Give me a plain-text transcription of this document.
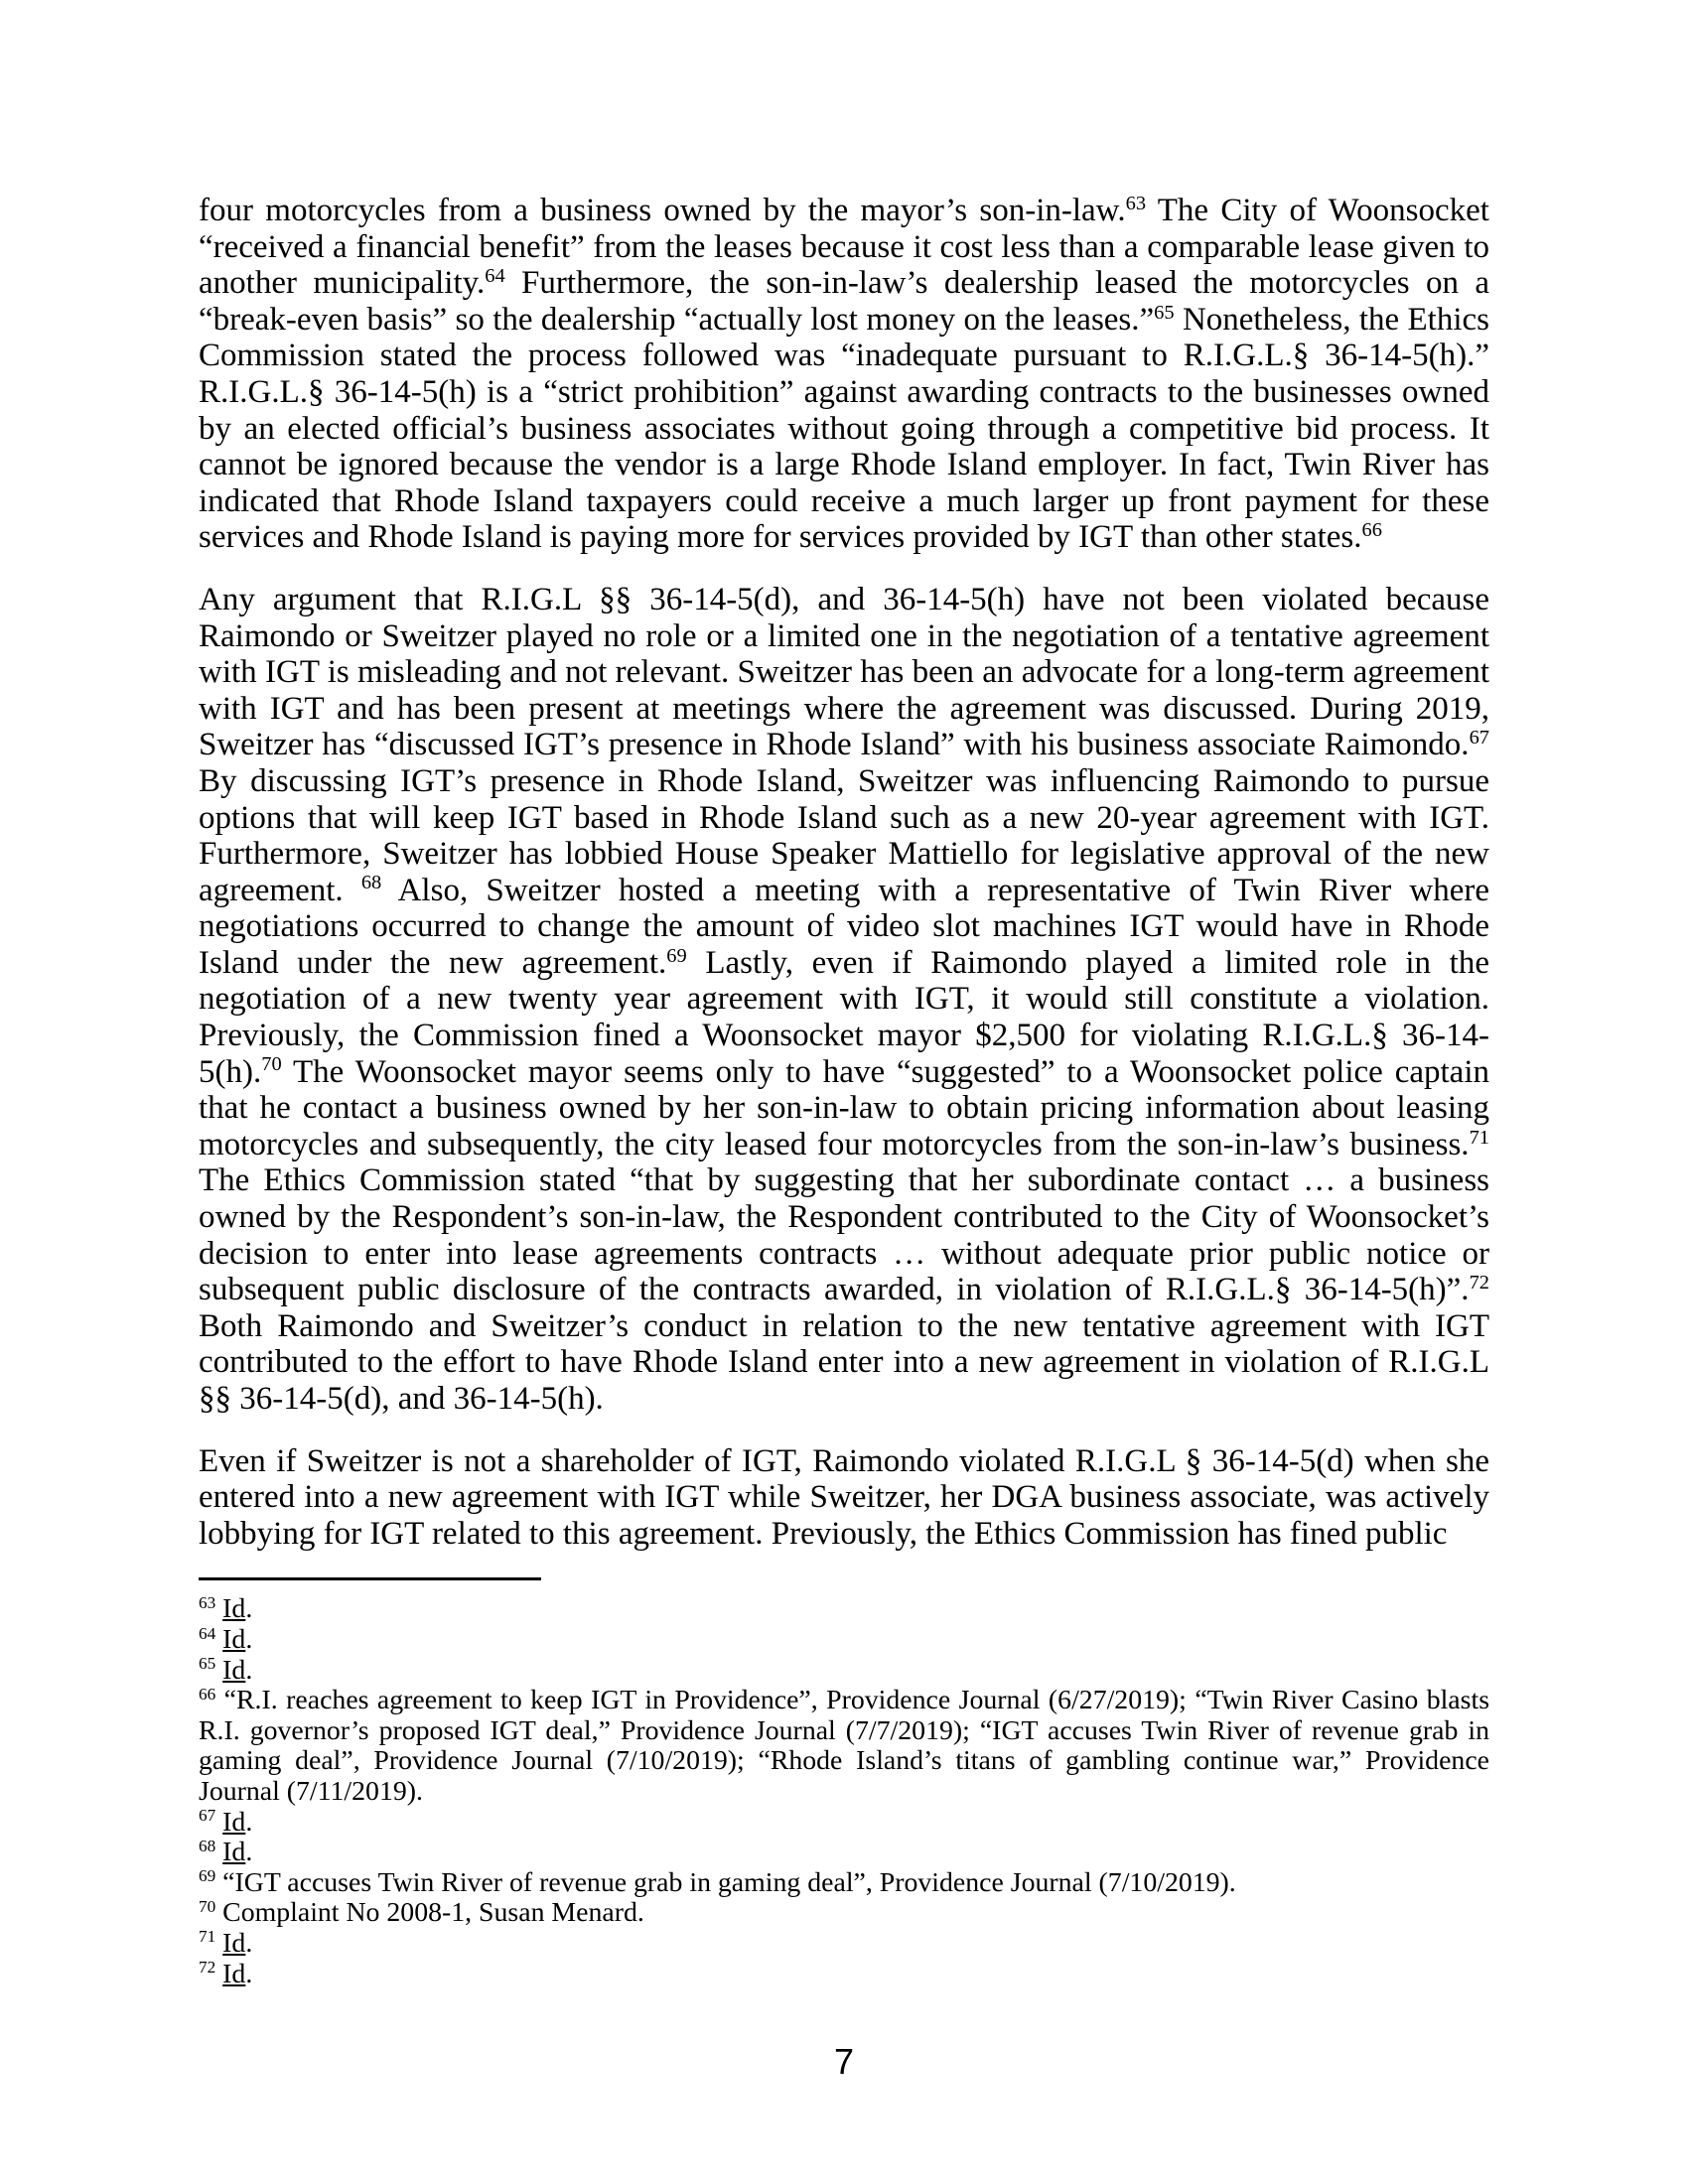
four motorcycles from a business owned by the mayor’s son-in-law.$^{63}$ The City of Woonsocket “received a financial benefit” from the leases because it cost less than a comparable lease given to another municipality.$^{64}$ Furthermore, the son-in-law’s dealership leased the motorcycles on a “break-even basis” so the dealership “actually lost money on the leases.”$^{65}$ Nonetheless, the Ethics Commission stated the process followed was “inadequate pursuant to R.I.G.L.§ 36-14-5(h).” R.I.G.L.§ 36-14-5(h) is a “strict prohibition” against awarding contracts to the businesses owned by an elected official’s business associates without going through a competitive bid process. It cannot be ignored because the vendor is a large Rhode Island employer. In fact, Twin River has indicated that Rhode Island taxpayers could receive a much larger up front payment for these services and Rhode Island is paying more for services provided by IGT than other states.$^{66}$

Any argument that R.I.G.L §§ 36-14-5(d), and 36-14-5(h) have not been violated because Raimondo or Sweitzer played no role or a limited one in the negotiation of a tentative agreement with IGT is misleading and not relevant. Sweitzer has been an advocate for a long-term agreement with IGT and has been present at meetings where the agreement was discussed. During 2019, Sweitzer has “discussed IGT’s presence in Rhode Island” with his business associate Raimondo.$^{67}$ By discussing IGT’s presence in Rhode Island, Sweitzer was influencing Raimondo to pursue options that will keep IGT based in Rhode Island such as a new 20-year agreement with IGT. Furthermore, Sweitzer has lobbied House Speaker Mattiello for legislative approval of the new agreement. $^{68}$ Also, Sweitzer hosted a meeting with a representative of Twin River where negotiations occurred to change the amount of video slot machines IGT would have in Rhode Island under the new agreement.$^{69}$ Lastly, even if Raimondo played a limited role in the negotiation of a new twenty year agreement with IGT, it would still constitute a violation. Previously, the Commission fined a Woonsocket mayor $2,500 for violating R.I.G.L.§ 36-14-5(h).$^{70}$ The Woonsocket mayor seems only to have “suggested” to a Woonsocket police captain that he contact a business owned by her son-in-law to obtain pricing information about leasing motorcycles and subsequently, the city leased four motorcycles from the son-in-law’s business.$^{71}$ The Ethics Commission stated “that by suggesting that her subordinate contact … a business owned by the Respondent’s son-in-law, the Respondent contributed to the City of Woonsocket’s decision to enter into lease agreements contracts … without adequate prior public notice or subsequent public disclosure of the contracts awarded, in violation of R.I.G.L.§ 36-14-5(h)”.$^{72}$ Both Raimondo and Sweitzer’s conduct in relation to the new tentative agreement with IGT contributed to the effort to have Rhode Island enter into a new agreement in violation of R.I.G.L §§ 36-14-5(d), and 36-14-5(h).

Even if Sweitzer is not a shareholder of IGT, Raimondo violated R.I.G.L § 36-14-5(d) when she entered into a new agreement with IGT while Sweitzer, her DGA business associate, was actively lobbying for IGT related to this agreement. Previously, the Ethics Commission has fined public

$^{63}$ Id.
$^{64}$ Id.
$^{65}$ Id.
$^{66}$ “R.I. reaches agreement to keep IGT in Providence”, Providence Journal (6/27/2019); “Twin River Casino blasts R.I. governor’s proposed IGT deal,” Providence Journal (7/7/2019); “IGT accuses Twin River of revenue grab in gaming deal”, Providence Journal (7/10/2019); “Rhode Island’s titans of gambling continue war,” Providence Journal (7/11/2019).
$^{67}$ Id.
$^{68}$ Id.
$^{69}$ “IGT accuses Twin River of revenue grab in gaming deal”, Providence Journal (7/10/2019).
$^{70}$ Complaint No 2008-1, Susan Menard.
$^{71}$ Id.
$^{72}$ Id.
7
